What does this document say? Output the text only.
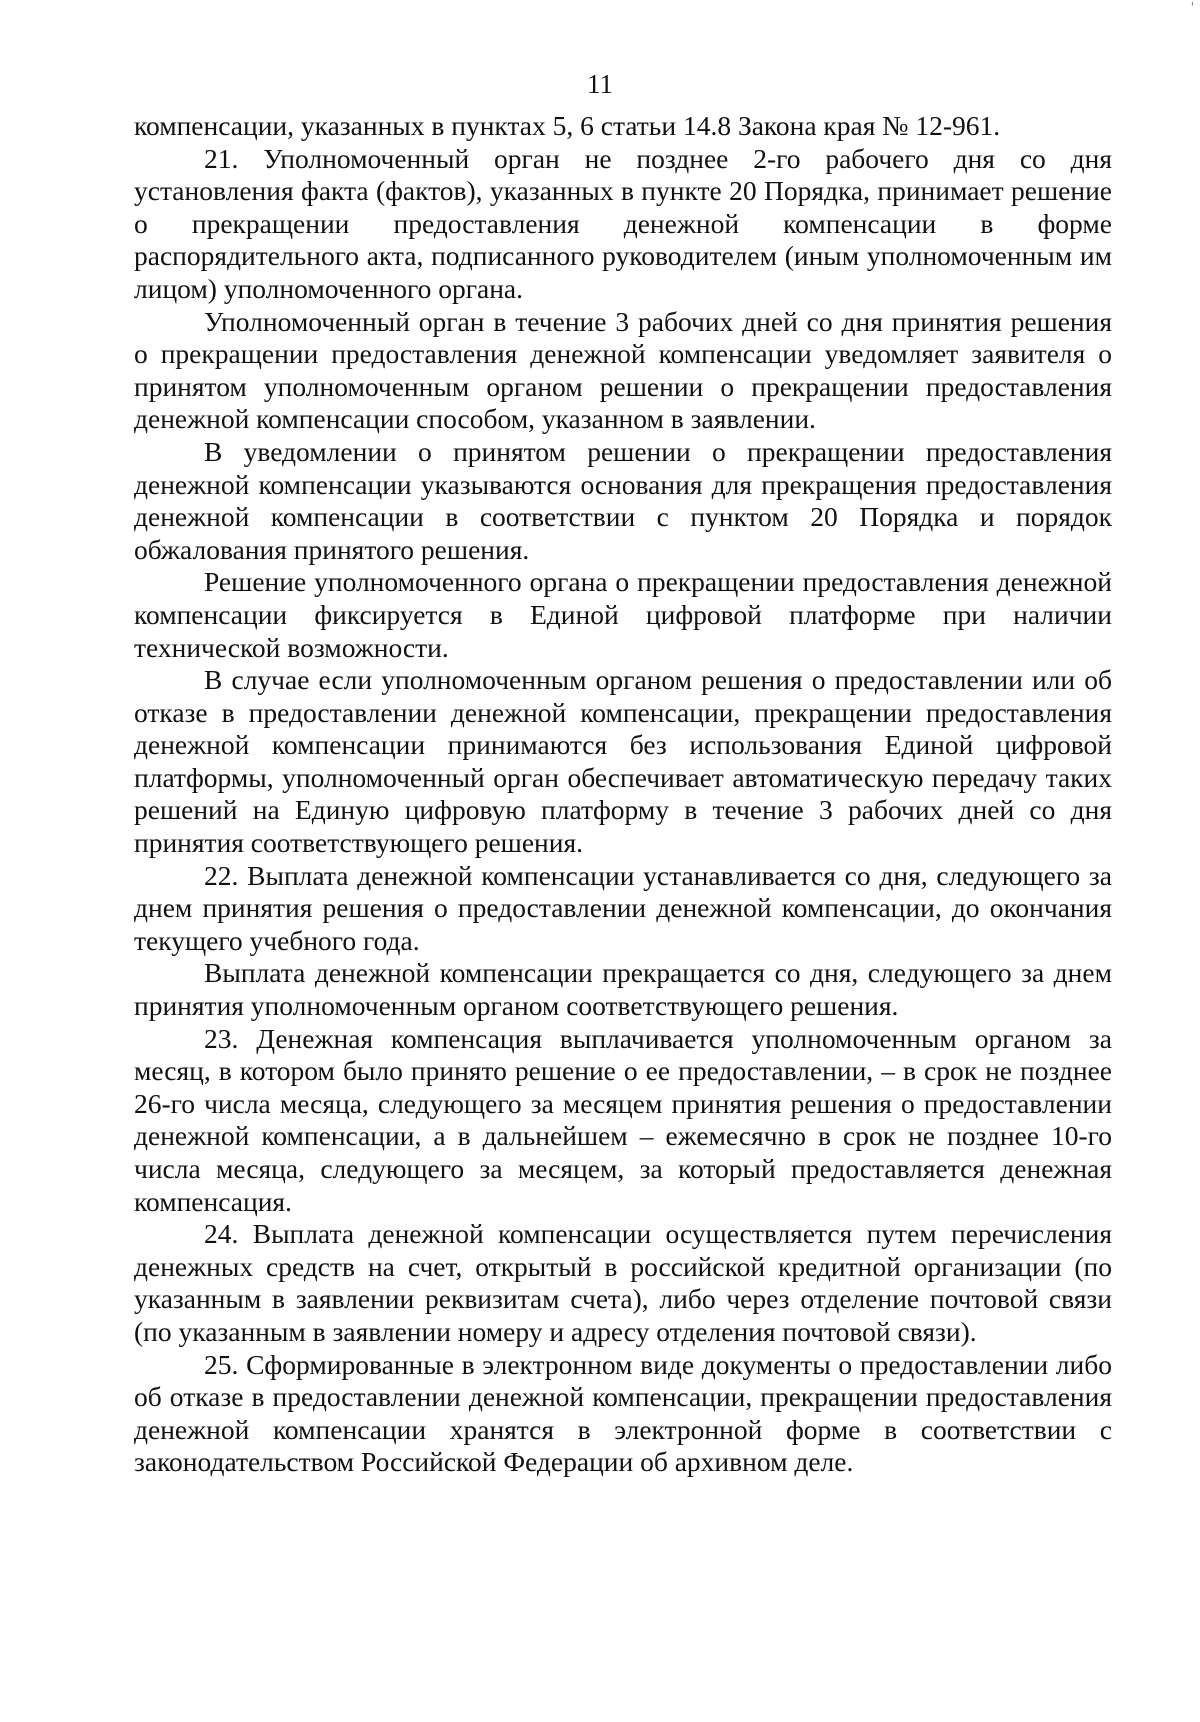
'
11

компенсации, указанных в пунктах 5, 6 статьи 14.8 Закона края № 12-961.

21. Уполномоченный орган не позднее 2-го рабочего дня со дня установления факта (фактов), указанных в пункте 20 Порядка, принимает решение о прекращении предоставления денежной компенсации в форме распорядительного акта, подписанного руководителем (иным уполномоченным им лицом) уполномоченного органа.

Уполномоченный орган в течение 3 рабочих дней со дня принятия решения о прекращении предоставления денежной компенсации уведомляет заявителя о принятом уполномоченным органом решении о прекращении предоставления денежной компенсации способом, указанном в заявлении.

В уведомлении о принятом решении о прекращении предоставления денежной компенсации указываются основания для прекращения предоставления денежной компенсации в соответствии с пунктом 20 Порядка и порядок обжалования принятого решения.

Решение уполномоченного органа о прекращении предоставления денежной компенсации фиксируется в Единой цифровой платформе при наличии технической возможности.

В случае если уполномоченным органом решения о предоставлении или об отказе в предоставлении денежной компенсации, прекращении предоставления денежной компенсации принимаются без использования Единой цифровой платформы, уполномоченный орган обеспечивает автоматическую передачу таких решений на Единую цифровую платформу в течение 3 рабочих дней со дня принятия соответствующего решения.

22. Выплата денежной компенсации устанавливается со дня, следующего за днем принятия решения о предоставлении денежной компенсации, до окончания текущего учебного года.

Выплата денежной компенсации прекращается со дня, следующего за днем принятия уполномоченным органом соответствующего решения.

23. Денежная компенсация выплачивается уполномоченным органом за месяц, в котором было принято решение о ее предоставлении, – в срок не позднее 26-го числа месяца, следующего за месяцем принятия решения о предоставлении денежной компенсации, а в дальнейшем – ежемесячно в срок не позднее 10-го числа месяца, следующего за месяцем, за который предоставляется денежная компенсация.

24. Выплата денежной компенсации осуществляется путем перечисления денежных средств на счет, открытый в российской кредитной организации (по указанным в заявлении реквизитам счета), либо через отделение почтовой связи (по указанным в заявлении номеру и адресу отделения почтовой связи).

25. Сформированные в электронном виде документы о предоставлении либо об отказе в предоставлении денежной компенсации, прекращении предоставления денежной компенсации хранятся в электронной форме в соответствии с законодательством Российской Федерации об архивном деле.
